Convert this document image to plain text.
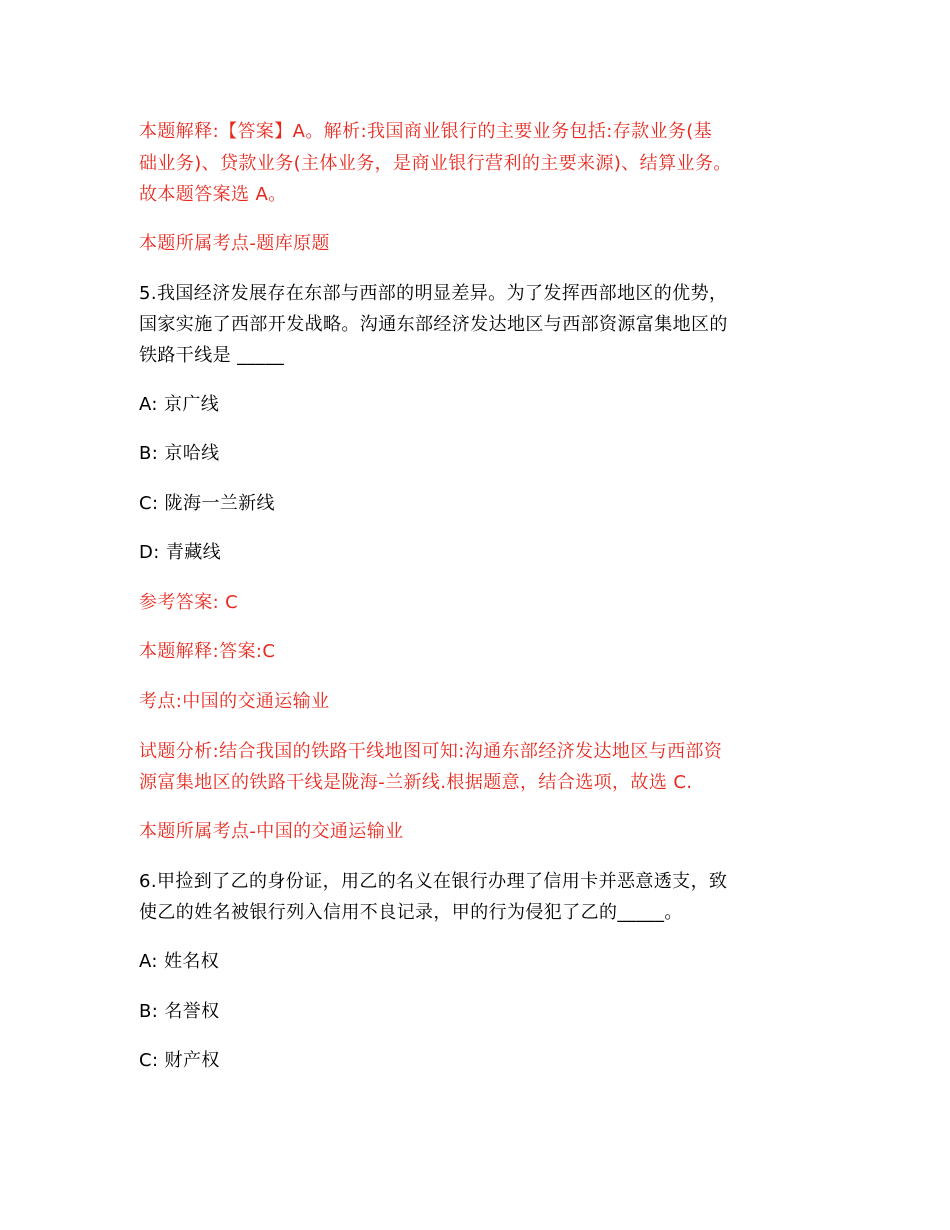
本题解释:【答案】A。解析:我国商业银行的主要业务包括:存款业务(基
础业务)、贷款业务(主体业务，是商业银行营利的主要来源)、结算业务。
故本题答案选 A。
本题所属考点-题库原题
5.我国经济发展存在东部与西部的明显差异。为了发挥西部地区的优势，
国家实施了西部开发战略。沟通东部经济发达地区与西部资源富集地区的
铁路干线是 _____
A: 京广线
B: 京哈线
C: 陇海一兰新线
D: 青藏线
参考答案: C
本题解释:答案:C
考点:中国的交通运输业
试题分析:结合我国的铁路干线地图可知:沟通东部经济发达地区与西部资
源富集地区的铁路干线是陇海-兰新线.根据题意，结合选项，故选 C.
本题所属考点-中国的交通运输业
6.甲捡到了乙的身份证，用乙的名义在银行办理了信用卡并恶意透支，致
使乙的姓名被银行列入信用不良记录，甲的行为侵犯了乙的_____。
A: 姓名权
B: 名誉权
C: 财产权
